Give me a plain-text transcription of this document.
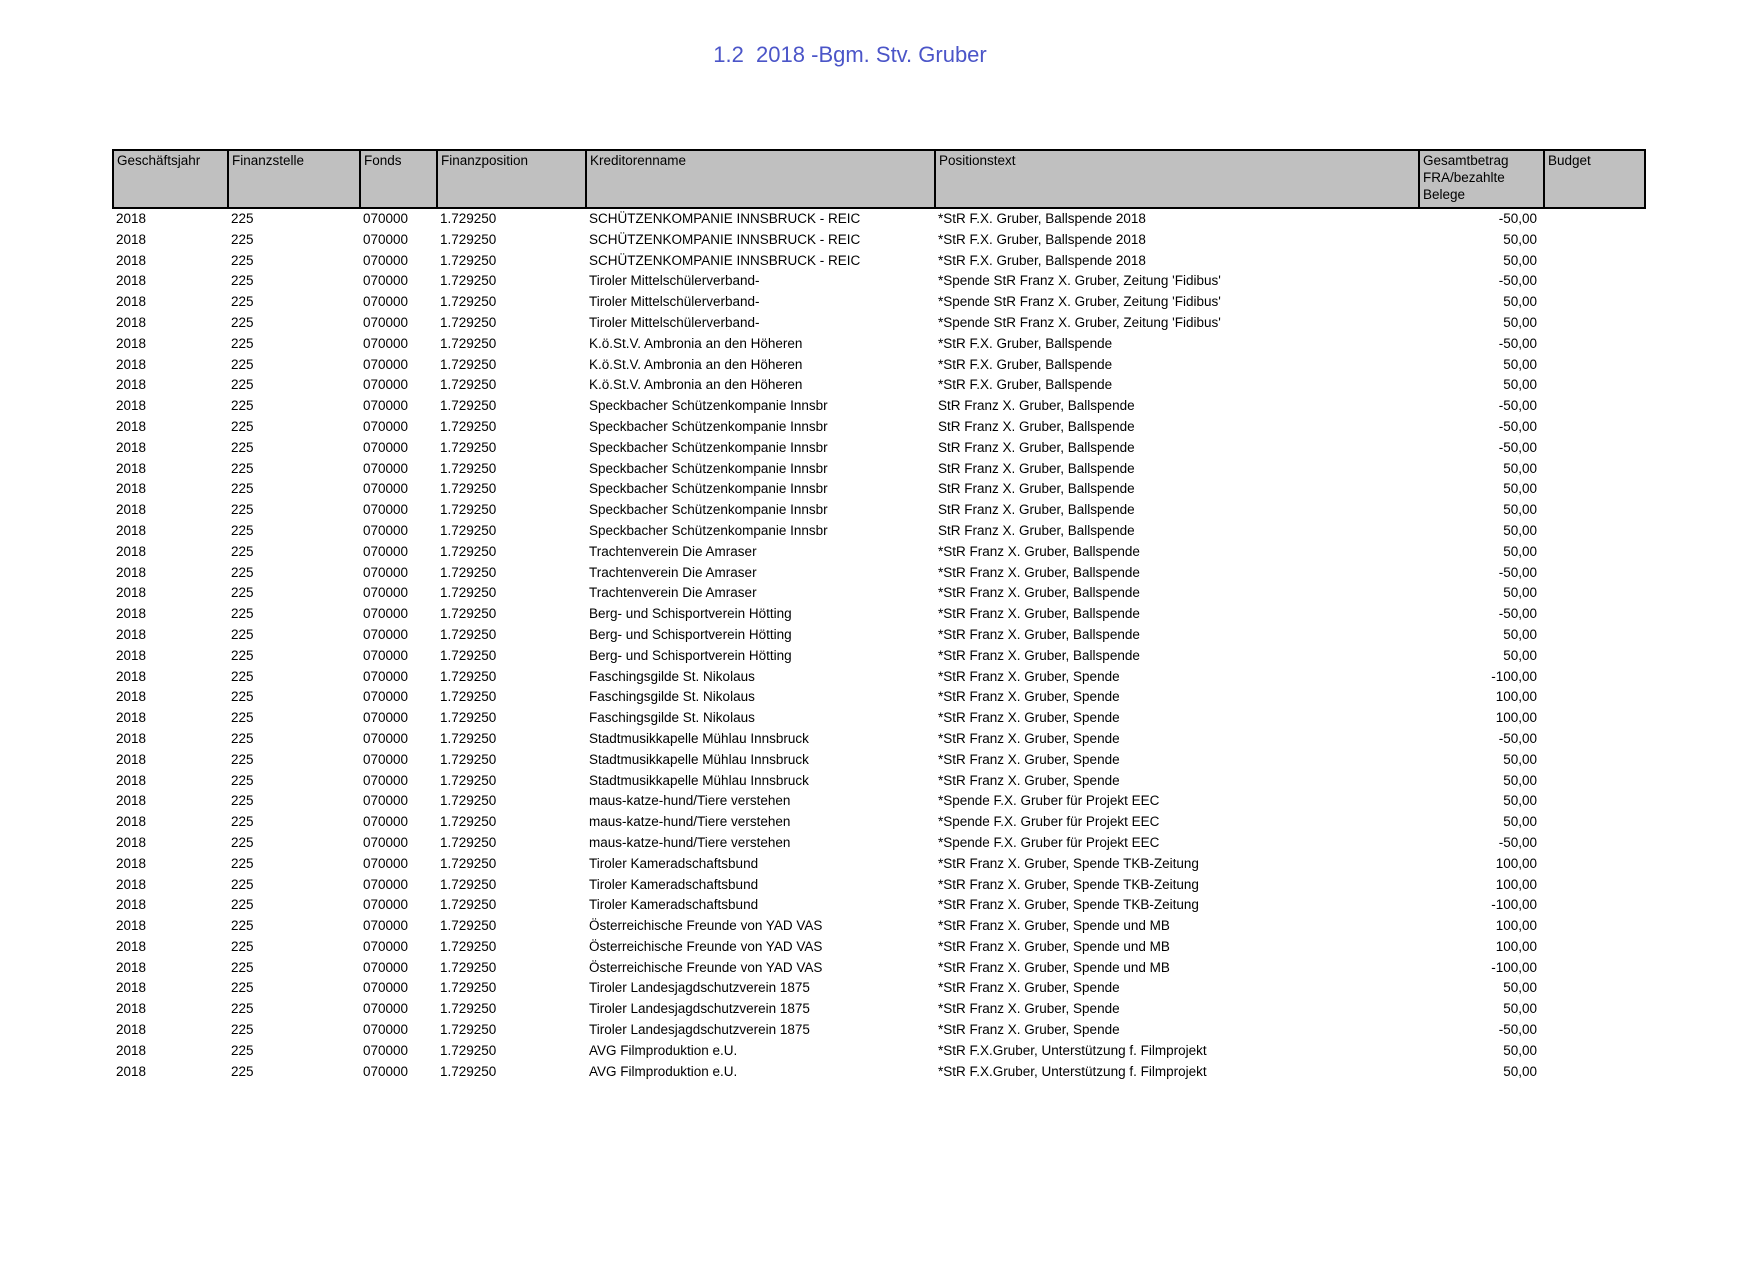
1.2  2018 -Bgm. Stv. Gruber
Geschäftsjahr	Finanzstelle	Fonds	Finanzposition	Kreditorenname	Positionstext	Gesamtbetrag FRA/bezahlte Belege	Budget
2018	225	070000	1.729250	SCHÜTZENKOMPANIE INNSBRUCK - REIC	*StR F.X. Gruber, Ballspende 2018	-50,00	
2018	225	070000	1.729250	SCHÜTZENKOMPANIE INNSBRUCK - REIC	*StR F.X. Gruber, Ballspende 2018	50,00	
2018	225	070000	1.729250	SCHÜTZENKOMPANIE INNSBRUCK - REIC	*StR F.X. Gruber, Ballspende 2018	50,00	
2018	225	070000	1.729250	Tiroler Mittelschülerverband-	*Spende StR Franz X. Gruber, Zeitung 'Fidibus'	-50,00	
2018	225	070000	1.729250	Tiroler Mittelschülerverband-	*Spende StR Franz X. Gruber, Zeitung 'Fidibus'	50,00	
2018	225	070000	1.729250	Tiroler Mittelschülerverband-	*Spende StR Franz X. Gruber, Zeitung 'Fidibus'	50,00	
2018	225	070000	1.729250	K.ö.St.V. Ambronia an den Höheren	*StR F.X. Gruber, Ballspende	-50,00	
2018	225	070000	1.729250	K.ö.St.V. Ambronia an den Höheren	*StR F.X. Gruber, Ballspende	50,00	
2018	225	070000	1.729250	K.ö.St.V. Ambronia an den Höheren	*StR F.X. Gruber, Ballspende	50,00	
2018	225	070000	1.729250	Speckbacher Schützenkompanie Innsbr	StR Franz X. Gruber, Ballspende	-50,00	
2018	225	070000	1.729250	Speckbacher Schützenkompanie Innsbr	StR Franz X. Gruber, Ballspende	-50,00	
2018	225	070000	1.729250	Speckbacher Schützenkompanie Innsbr	StR Franz X. Gruber, Ballspende	-50,00	
2018	225	070000	1.729250	Speckbacher Schützenkompanie Innsbr	StR Franz X. Gruber, Ballspende	50,00	
2018	225	070000	1.729250	Speckbacher Schützenkompanie Innsbr	StR Franz X. Gruber, Ballspende	50,00	
2018	225	070000	1.729250	Speckbacher Schützenkompanie Innsbr	StR Franz X. Gruber, Ballspende	50,00	
2018	225	070000	1.729250	Speckbacher Schützenkompanie Innsbr	StR Franz X. Gruber, Ballspende	50,00	
2018	225	070000	1.729250	Trachtenverein Die Amraser	*StR Franz X. Gruber, Ballspende	50,00	
2018	225	070000	1.729250	Trachtenverein Die Amraser	*StR Franz X. Gruber, Ballspende	-50,00	
2018	225	070000	1.729250	Trachtenverein Die Amraser	*StR Franz X. Gruber, Ballspende	50,00	
2018	225	070000	1.729250	Berg- und Schisportverein Hötting	*StR Franz X. Gruber, Ballspende	-50,00	
2018	225	070000	1.729250	Berg- und Schisportverein Hötting	*StR Franz X. Gruber, Ballspende	50,00	
2018	225	070000	1.729250	Berg- und Schisportverein Hötting	*StR Franz X. Gruber, Ballspende	50,00	
2018	225	070000	1.729250	Faschingsgilde St. Nikolaus	*StR Franz X. Gruber, Spende	-100,00	
2018	225	070000	1.729250	Faschingsgilde St. Nikolaus	*StR Franz X. Gruber, Spende	100,00	
2018	225	070000	1.729250	Faschingsgilde St. Nikolaus	*StR Franz X. Gruber, Spende	100,00	
2018	225	070000	1.729250	Stadtmusikkapelle Mühlau Innsbruck	*StR Franz X. Gruber, Spende	-50,00	
2018	225	070000	1.729250	Stadtmusikkapelle Mühlau Innsbruck	*StR Franz X. Gruber, Spende	50,00	
2018	225	070000	1.729250	Stadtmusikkapelle Mühlau Innsbruck	*StR Franz X. Gruber, Spende	50,00	
2018	225	070000	1.729250	maus-katze-hund/Tiere verstehen	*Spende F.X. Gruber für Projekt EEC	50,00	
2018	225	070000	1.729250	maus-katze-hund/Tiere verstehen	*Spende F.X. Gruber für Projekt EEC	50,00	
2018	225	070000	1.729250	maus-katze-hund/Tiere verstehen	*Spende F.X. Gruber für Projekt EEC	-50,00	
2018	225	070000	1.729250	Tiroler Kameradschaftsbund	*StR Franz X. Gruber, Spende TKB-Zeitung	100,00	
2018	225	070000	1.729250	Tiroler Kameradschaftsbund	*StR Franz X. Gruber, Spende TKB-Zeitung	100,00	
2018	225	070000	1.729250	Tiroler Kameradschaftsbund	*StR Franz X. Gruber, Spende TKB-Zeitung	-100,00	
2018	225	070000	1.729250	Österreichische Freunde von YAD VAS	*StR Franz X. Gruber, Spende und MB	100,00	
2018	225	070000	1.729250	Österreichische Freunde von YAD VAS	*StR Franz X. Gruber, Spende und MB	100,00	
2018	225	070000	1.729250	Österreichische Freunde von YAD VAS	*StR Franz X. Gruber, Spende und MB	-100,00	
2018	225	070000	1.729250	Tiroler Landesjagdschutzverein 1875	*StR Franz X. Gruber, Spende	50,00	
2018	225	070000	1.729250	Tiroler Landesjagdschutzverein 1875	*StR Franz X. Gruber, Spende	50,00	
2018	225	070000	1.729250	Tiroler Landesjagdschutzverein 1875	*StR Franz X. Gruber, Spende	-50,00	
2018	225	070000	1.729250	AVG Filmproduktion e.U.	*StR F.X.Gruber, Unterstützung f. Filmprojekt	50,00	
2018	225	070000	1.729250	AVG Filmproduktion e.U.	*StR F.X.Gruber, Unterstützung f. Filmprojekt	50,00	
